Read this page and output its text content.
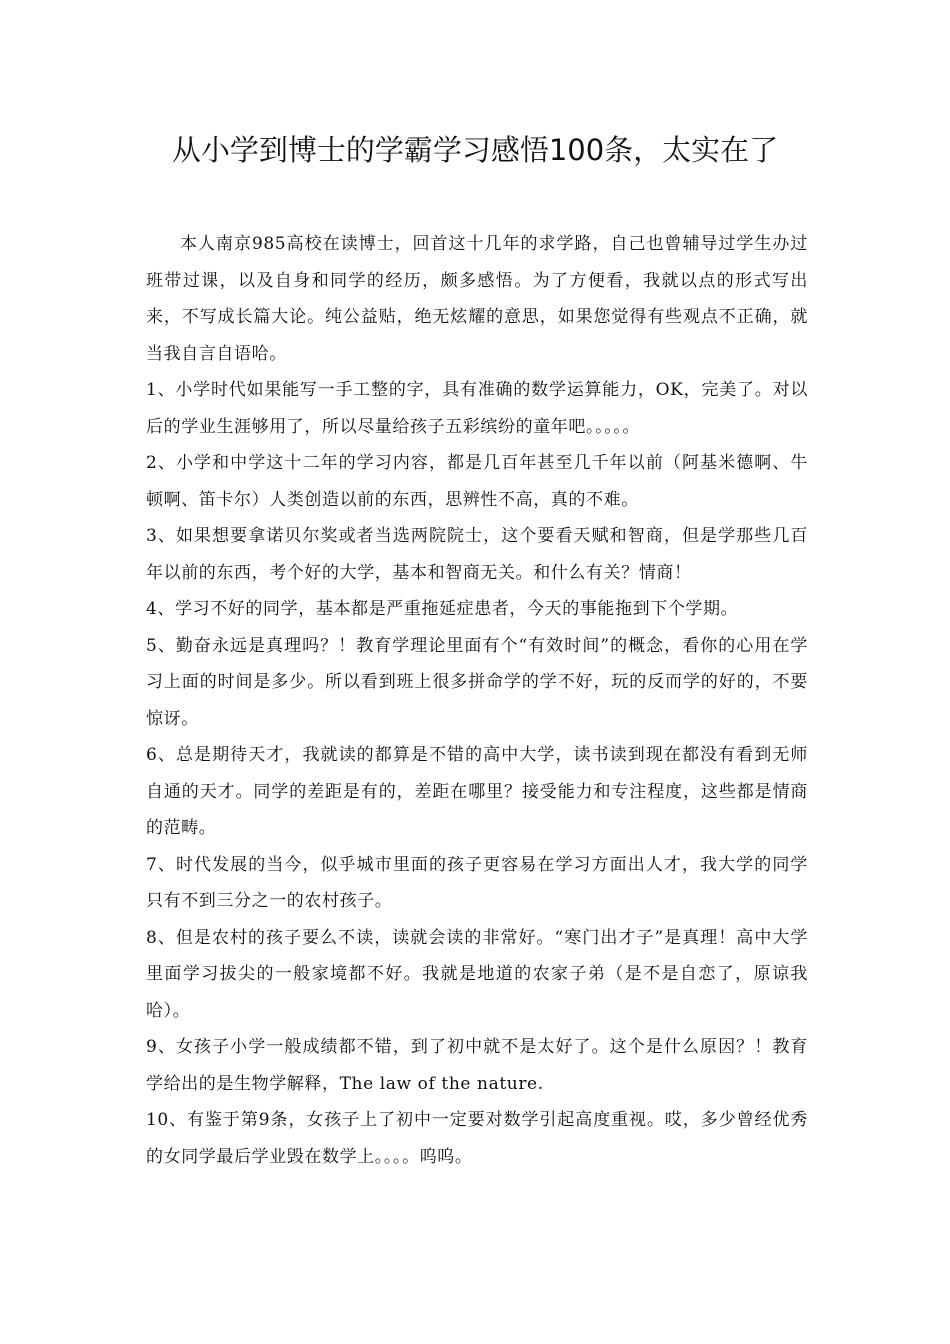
从小学到博士的学霸学习感悟100条，太实在了

本人南京985高校在读博士，回首这十几年的求学路，自己也曾辅导过学生办过班带过课，以及自身和同学的经历，颇多感悟。为了方便看，我就以点的形式写出来，不写成长篇大论。纯公益贴，绝无炫耀的意思，如果您觉得有些观点不正确，就当我自言自语哈。

1、小学时代如果能写一手工整的字，具有准确的数学运算能力，OK，完美了。对以后的学业生涯够用了，所以尽量给孩子五彩缤纷的童年吧。。。。。

2、小学和中学这十二年的学习内容，都是几百年甚至几千年以前（阿基米德啊、牛顿啊、笛卡尔）人类创造以前的东西，思辨性不高，真的不难。

3、如果想要拿诺贝尔奖或者当选两院院士，这个要看天赋和智商，但是学那些几百年以前的东西，考个好的大学，基本和智商无关。和什么有关？情商！

4、学习不好的同学，基本都是严重拖延症患者，今天的事能拖到下个学期。

5、勤奋永远是真理吗？！教育学理论里面有个“有效时间”的概念，看你的心用在学习上面的时间是多少。所以看到班上很多拼命学的学不好，玩的反而学的好的，不要惊讶。

6、总是期待天才，我就读的都算是不错的高中大学，读书读到现在都没有看到无师自通的天才。同学的差距是有的，差距在哪里？接受能力和专注程度，这些都是情商的范畴。

7、时代发展的当今，似乎城市里面的孩子更容易在学习方面出人才，我大学的同学只有不到三分之一的农村孩子。

8、但是农村的孩子要么不读，读就会读的非常好。“寒门出才子”是真理！高中大学里面学习拔尖的一般家境都不好。我就是地道的农家子弟（是不是自恋了，原谅我哈）。

9、女孩子小学一般成绩都不错，到了初中就不是太好了。这个是什么原因？！教育学给出的是生物学解释，The law of the nature.

10、有鉴于第9条，女孩子上了初中一定要对数学引起高度重视。哎，多少曾经优秀的女同学最后学业毁在数学上。。。。呜呜。
